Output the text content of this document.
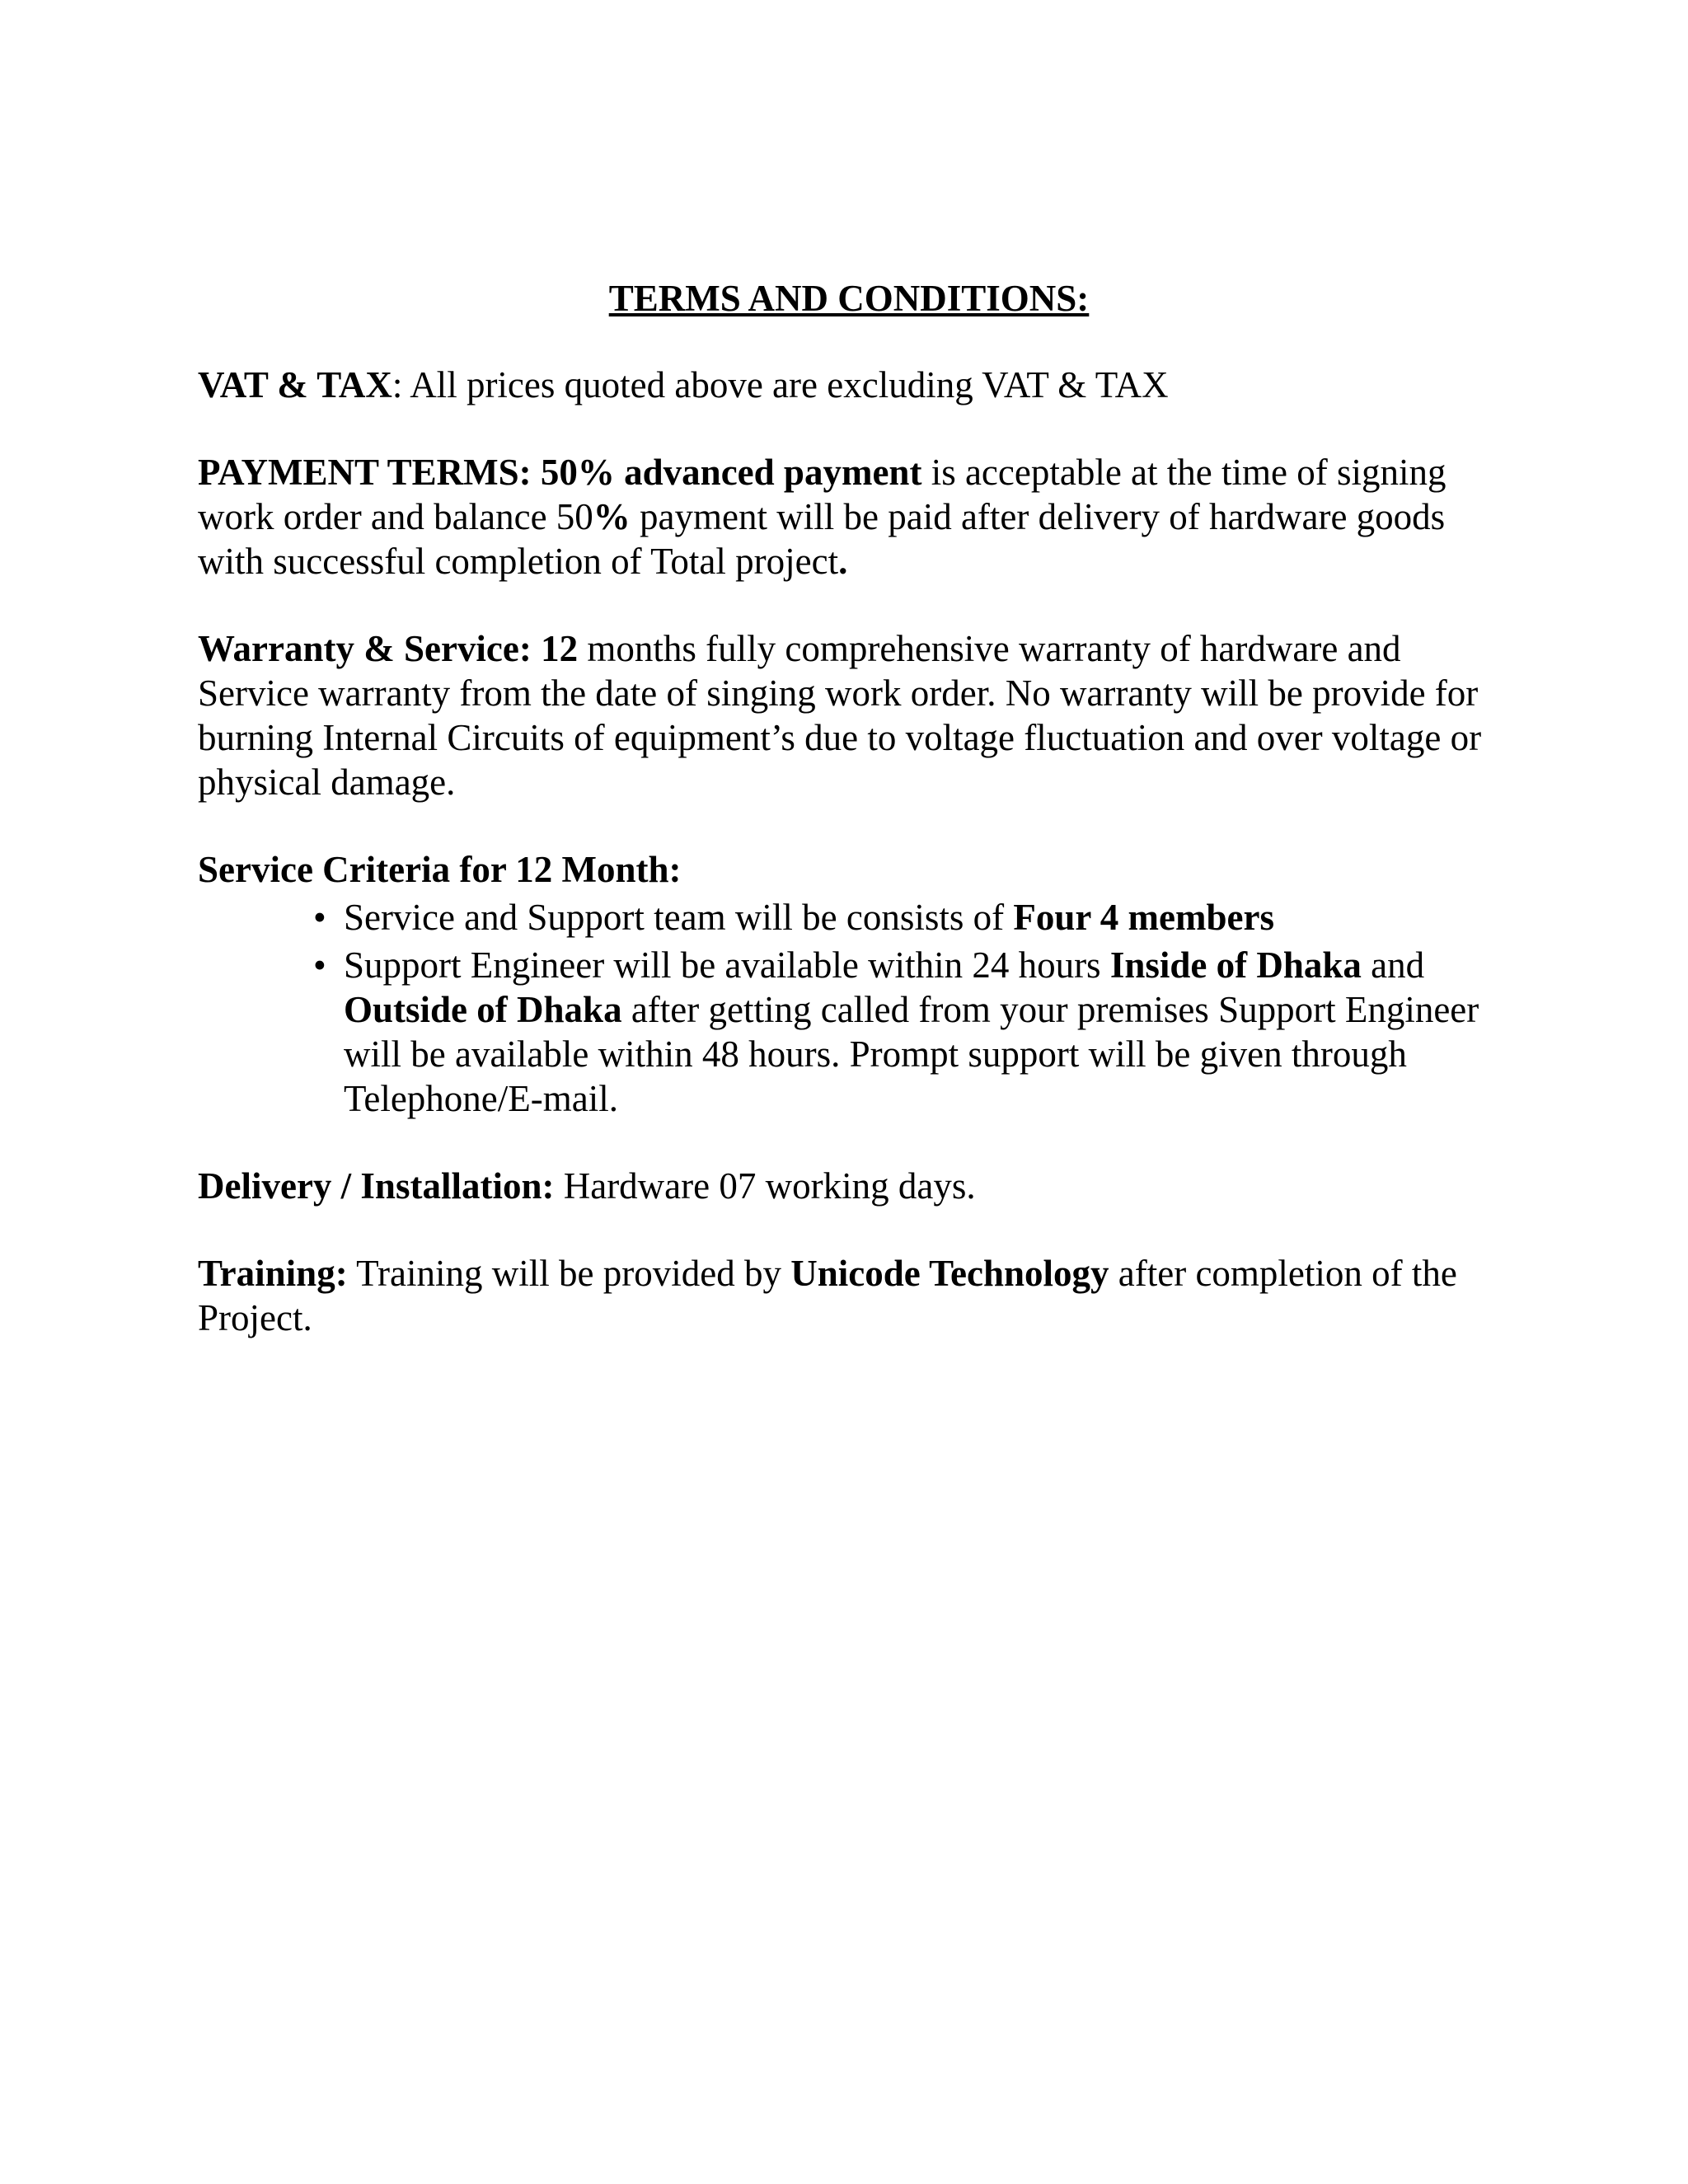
TERMS AND CONDITIONS:

VAT & TAX: All prices quoted above are excluding VAT & TAX

PAYMENT TERMS: 50% advanced payment is acceptable at the time of signing work order and balance 50% payment will be paid after delivery of hardware goods with successful completion of Total project.

Warranty & Service: 12 months fully comprehensive warranty of hardware and Service warranty from the date of singing work order. No warranty will be provide for burning Internal Circuits of equipment’s due to voltage fluctuation and over voltage or physical damage.

Service Criteria for 12 Month:
• Service and Support team will be consists of Four 4 members
• Support Engineer will be available within 24 hours Inside of Dhaka and Outside of Dhaka after getting called from your premises Support Engineer will be available within 48 hours. Prompt support will be given through Telephone/E-mail.

Delivery / Installation: Hardware 07 working days.

Training: Training will be provided by Unicode Technology after completion of the Project.
